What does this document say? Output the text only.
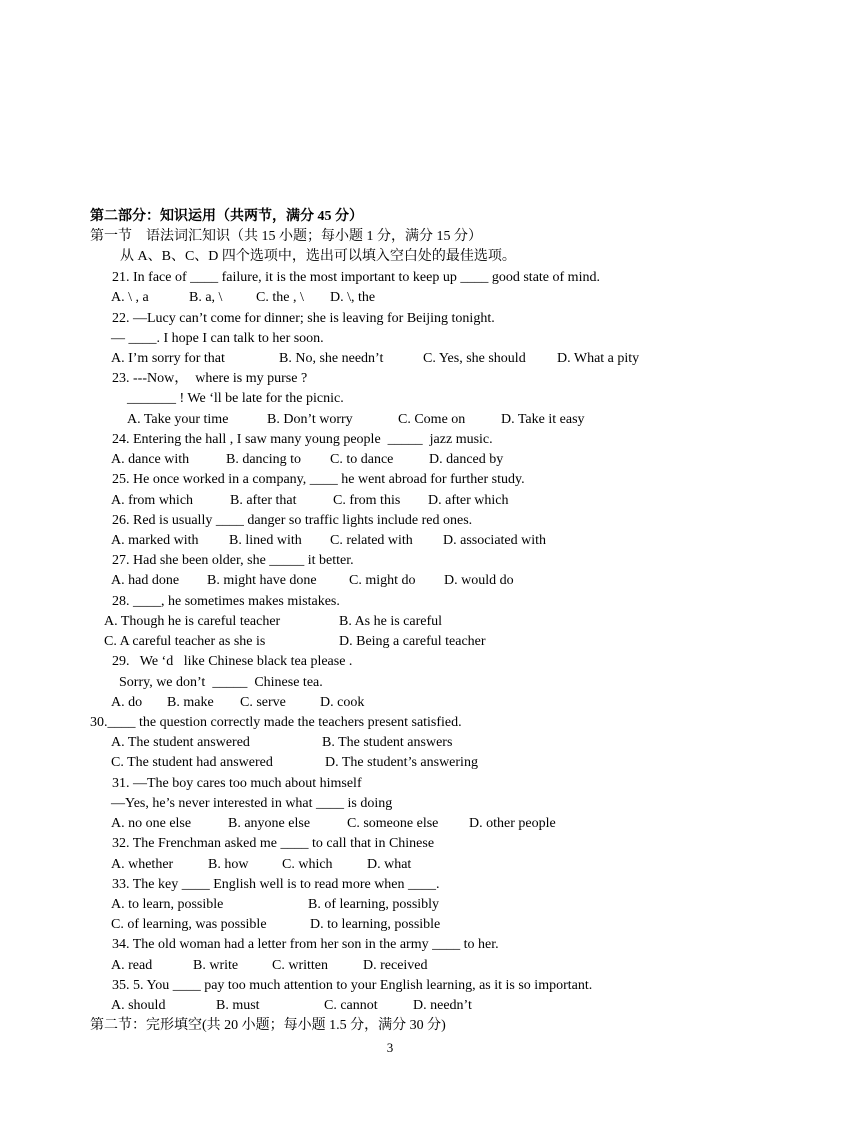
第二部分：知识运用（共两节，满分 45 分）
第一节　语法词汇知识（共 15 小题；每小题 1 分，满分 15 分）
从 A、B、C、D 四个选项中，选出可以填入空白处的最佳选项。
21. In face of ____ failure, it is the most important to keep up ____ good state of mind.
A. \ , a	B. a, \ C. the , \ D. \, the
22. —Lucy can’t come for dinner; she is leaving for Beijing tonight.
— ____. I hope I can talk to her soon.
A. I’m sorry for that	B. No, she needn’t	C. Yes, she should D. What a pity
23. ---Now，  where is my purse ?
_______ ! We ‘ll be late for the picnic.
A. Take your time	B. Don’t worry	C. Come on	D. Take it easy
24. Entering the hall , I saw many young people  _____  jazz music.
A. dance with	B. dancing to C. to dance	D. danced by
25. He once worked in a company, ____ he went abroad for further study.
A. from which	B. after that	C. from this D. after which
26. Red is usually ____ danger so traffic lights include red ones.
A. marked with B. lined with C. related with D. associated with
27. Had she been older, she _____ it better.
A. had done B. might have done C. might do D. would do
28. ____, he sometimes makes mistakes.
A. Though he is careful teacher	B. As he is careful
C. A careful teacher as she is	D. Being a careful teacher
29.   We ‘d   like Chinese black tea please .
Sorry, we don’t  _____  Chinese tea.
A. do B. make C. serve D. cook
30.____ the question correctly made the teachers present satisfied.
A. The student answered	B. The student answers
C. The student had answered	D. The student’s answering
31. —The boy cares too much about himself
—Yes, he’s never interested in what ____ is doing
A. no one else	B. anyone else	C. someone else D. other people
32. The Frenchman asked me ____ to call that in Chinese
A. whether B. how C. which D. what
33. The key ____ English well is to read more when ____.
A. to learn, possible	B. of learning, possibly
C. of learning, was possible	D. to learning, possible
34. The old woman had a letter from her son in the army ____ to her.
A. read	B. write C. written	D. received
35. 5. You ____ pay too much attention to your English learning, as it is so important.
A. should	B. must	C. cannot	D. needn’t
第二节：完形填空(共 20 小题；每小题 1.5 分，满分 30 分)
3
